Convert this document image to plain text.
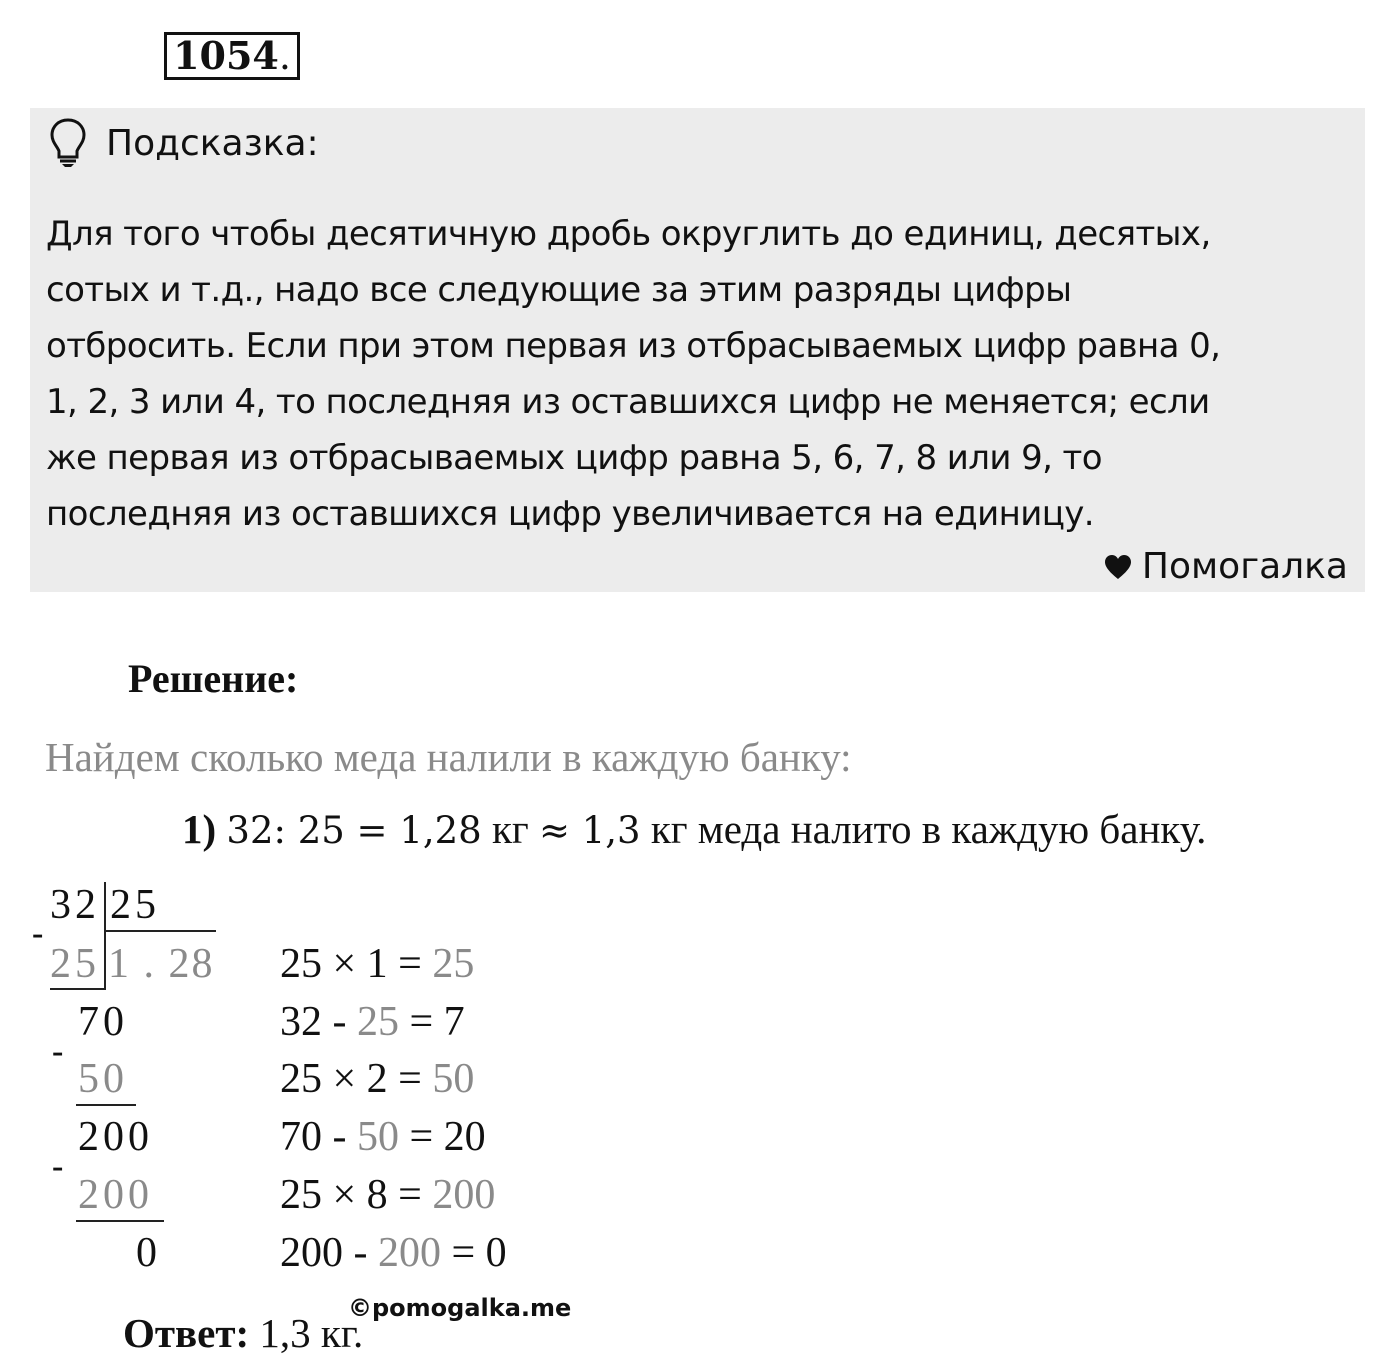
1054.
Подсказка:
Для того чтобы десятичную дробь округлить до единиц, десятых,
сотых и т.д., надо все следующие за этим разряды цифры
отбросить. Если при этом первая из отбрасываемых цифр равна 0,
1, 2, 3 или 4, то последняя из оставшихся цифр не меняется; если
же первая из отбрасываемых цифр равна 5, 6, 7, 8 или 9, то
последняя из оставшихся цифр увеличивается на единицу.
Помогалка
Решение:
Найдем сколько меда налили в каждую банку:
1) 32: 25 = 1,28 кг ≈ 1,3 кг меда налито в каждую банку.
32 25
-
25 1 . 28
70
-
50
200
-
200
0
25 × 1 = 25
32 - 25 = 7
25 × 2 = 50
70 - 50 = 20
25 × 8 = 200
200 - 200 = 0
Ответ: 1,3 кг.
©pomogalka.me
